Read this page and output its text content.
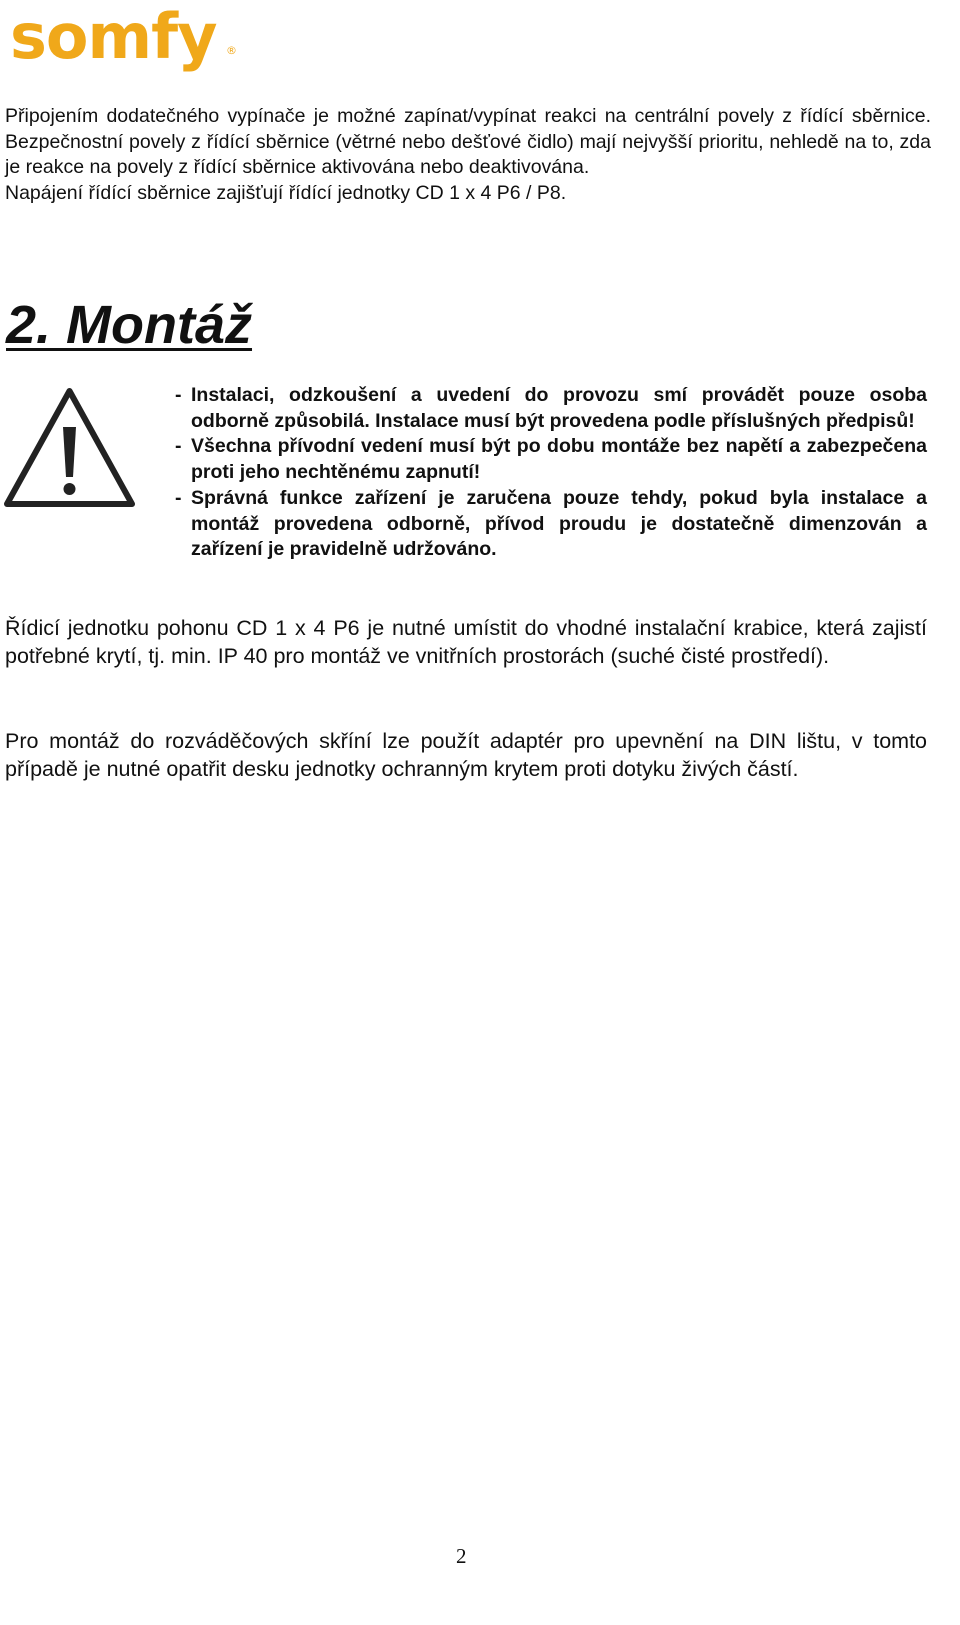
somfy ®

Připojením dodatečného vypínače je možné zapínat/vypínat reakci na centrální povely z řídící sběrnice. Bezpečnostní povely z řídící sběrnice (větrné nebo dešťové čidlo) mají nejvyšší prioritu, nehledě na to, zda je reakce na povely z řídící sběrnice aktivována nebo deaktivována.

Napájení řídící sběrnice zajišťují řídící jednotky CD 1 x 4 P6 / P8.

2. Montáž
- Instalaci, odzkoušení a uvedení do provozu smí provádět pouze osoba odborně způsobilá. Instalace musí být provedena podle příslušných předpisů!
- Všechna přívodní vedení musí být po dobu montáže bez napětí a zabezpečena proti jeho nechtěnému zapnutí!
- Správná funkce zařízení je zaručena pouze tehdy, pokud byla instalace a montáž provedena odborně, přívod proudu je dostatečně dimenzován a zařízení je pravidelně udržováno.

Řídicí jednotku pohonu CD 1 x 4 P6 je nutné umístit do vhodné instalační krabice, která zajistí potřebné krytí, tj. min. IP 40 pro montáž ve vnitřních prostorách (suché čisté prostředí).

Pro montáž do rozváděčových skříní lze použít adaptér pro upevnění na DIN lištu, v tomto případě je nutné opatřit desku jednotky ochranným krytem proti dotyku živých částí.

2
